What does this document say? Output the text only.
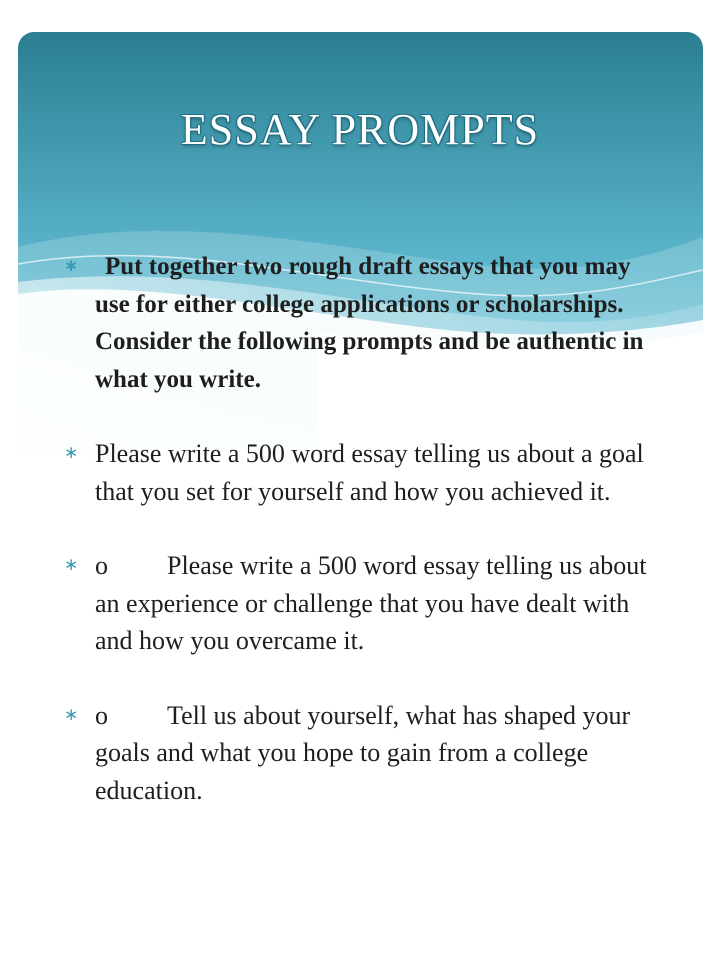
ESSAY PROMPTS
∗ Put together two rough draft essays that you may use for either college applications or scholarships. Consider the following prompts and be authentic in what you write.
∗ Please write a 500 word essay telling us about a goal that you set for yourself and how you achieved it.
∗ o Please write a 500 word essay telling us about an experience or challenge that you have dealt with and how you overcame it.
∗ o Tell us about yourself, what has shaped your goals and what you hope to gain from a college education.
